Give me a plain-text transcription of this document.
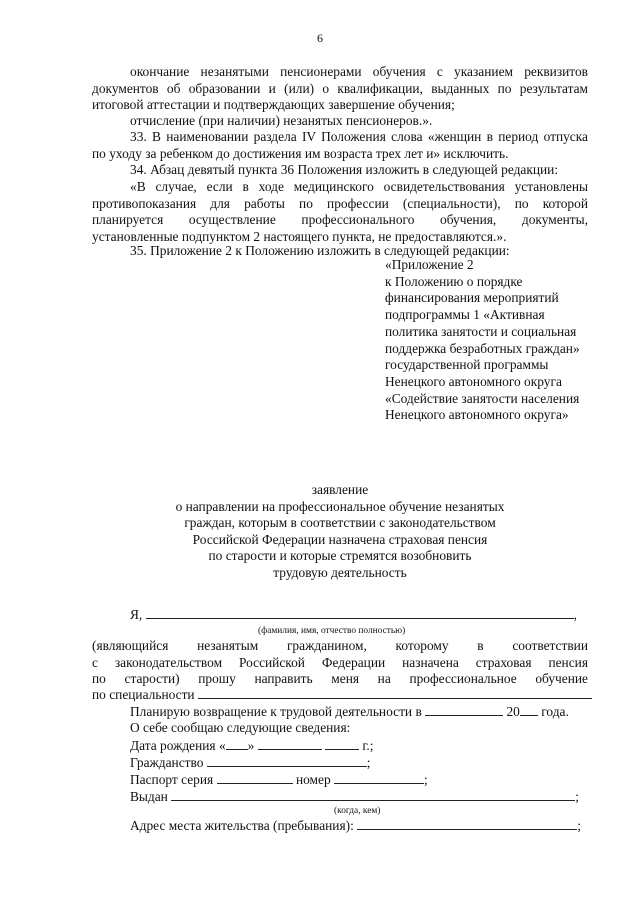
6
окончание незанятыми пенсионерами обучения с указанием реквизитов
документов об образовании и (или) о квалификации, выданных по результатам
итоговой аттестации и подтверждающих завершение обучения;
отчисление (при наличии) незанятых пенсионеров.».
33. В наименовании раздела IV Положения слова «женщин в период отпуска
по уходу за ребенком до достижения им возраста трех лет и» исключить.
34. Абзац девятый пункта 36 Положения изложить в следующей редакции:
«В случае, если в ходе медицинского освидетельствования установлены
противопоказания для работы по профессии (специальности), по которой
планируется осуществление профессионального обучения, документы,
установленные подпунктом 2 настоящего пункта, не предоставляются.».
35. Приложение 2 к Положению изложить в следующей редакции:
«Приложение 2
к Положению о порядке
финансирования мероприятий
подпрограммы 1 «Активная
политика занятости и социальная
поддержка безработных граждан»
государственной программы
Ненецкого автономного округа
«Содействие занятости населения
Ненецкого автономного округа»
заявление
о направлении на профессиональное обучение незанятых
граждан, которым в соответствии с законодательством
Российской Федерации назначена страховая пенсия
по старости и которые стремятся возобновить
трудовую деятельность
Я,	,
(фамилия, имя, отчество полностью)
(являющийся незанятым гражданином, которому в соответствии
с законодательством Российской Федерации назначена страховая пенсия
по старости) прошу направить меня на профессиональное обучение
по специальности
Планирую возвращение к трудовой деятельности в	20 года.
О себе сообщаю следующие сведения:
Дата рождения « »	г.;
Гражданство	;
Паспорт серия	номер	;
Выдан	;
(когда, кем)
Адрес места жительства (пребывания):	;
